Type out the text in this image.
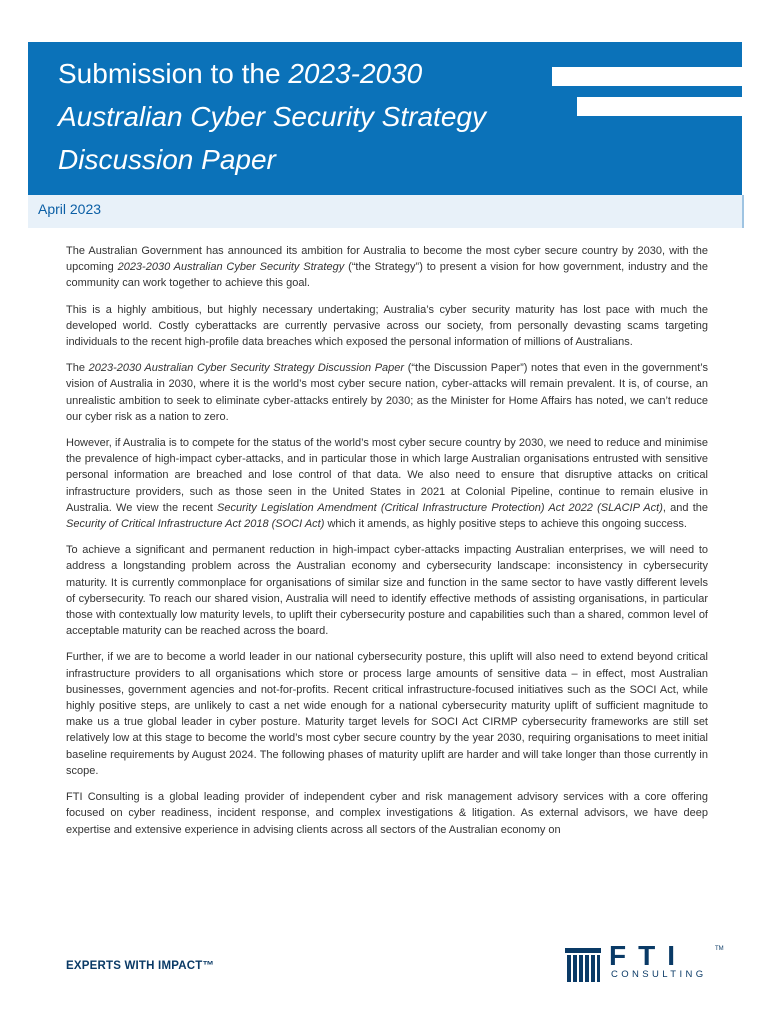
Submission to the 2023-2030
Australian Cyber Security Strategy
Discussion Paper
April 2023

The Australian Government has announced its ambition for Australia to become the most cyber secure country by 2030, with the upcoming 2023-2030 Australian Cyber Security Strategy (“the Strategy”) to present a vision for how government, industry and the community can work together to achieve this goal.

This is a highly ambitious, but highly necessary undertaking; Australia’s cyber security maturity has lost pace with much the developed world. Costly cyberattacks are currently pervasive across our society, from personally devasting scams targeting individuals to the recent high-profile data breaches which exposed the personal information of millions of Australians.

The 2023-2030 Australian Cyber Security Strategy Discussion Paper (“the Discussion Paper”) notes that even in the government’s vision of Australia in 2030, where it is the world’s most cyber secure nation, cyber-attacks will remain prevalent. It is, of course, an unrealistic ambition to seek to eliminate cyber-attacks entirely by 2030; as the Minister for Home Affairs has noted, we can’t reduce our cyber risk as a nation to zero.

However, if Australia is to compete for the status of the world’s most cyber secure country by 2030, we need to reduce and minimise the prevalence of high-impact cyber-attacks, and in particular those in which large Australian organisations entrusted with sensitive personal information are breached and lose control of that data. We also need to ensure that disruptive attacks on critical infrastructure providers, such as those seen in the United States in 2021 at Colonial Pipeline, continue to remain elusive in Australia. We view the recent Security Legislation Amendment (Critical Infrastructure Protection) Act 2022 (SLACIP Act), and the Security of Critical Infrastructure Act 2018 (SOCI Act) which it amends, as highly positive steps to achieve this ongoing success.

To achieve a significant and permanent reduction in high-impact cyber-attacks impacting Australian enterprises, we will need to address a longstanding problem across the Australian economy and cybersecurity landscape: inconsistency in cybersecurity maturity. It is currently commonplace for organisations of similar size and function in the same sector to have vastly different levels of cybersecurity. To reach our shared vision, Australia will need to identify effective methods of assisting organisations, in particular those with contextually low maturity levels, to uplift their cybersecurity posture and capabilities such than a shared, common level of acceptable maturity can be reached across the board.

Further, if we are to become a world leader in our national cybersecurity posture, this uplift will also need to extend beyond critical infrastructure providers to all organisations which store or process large amounts of sensitive data – in effect, most Australian businesses, government agencies and not-for-profits. Recent critical infrastructure-focused initiatives such as the SOCI Act, while highly positive steps, are unlikely to cast a net wide enough for a national cybersecurity maturity uplift of sufficient magnitude to make us a true global leader in cyber posture. Maturity target levels for SOCI Act CIRMP cybersecurity frameworks are still set relatively low at this stage to become the world’s most cyber secure country by the year 2030, requiring organisations to meet initial baseline requirements by August 2024. The following phases of maturity uplift are harder and will take longer than those currently in scope.

FTI Consulting is a global leading provider of independent cyber and risk management advisory services with a core offering focused on cyber readiness, incident response, and complex investigations & litigation. As external advisors, we have deep expertise and extensive experience in advising clients across all sectors of the Australian economy on

EXPERTS WITH IMPACT™	FTI	TM
CONSULTING
